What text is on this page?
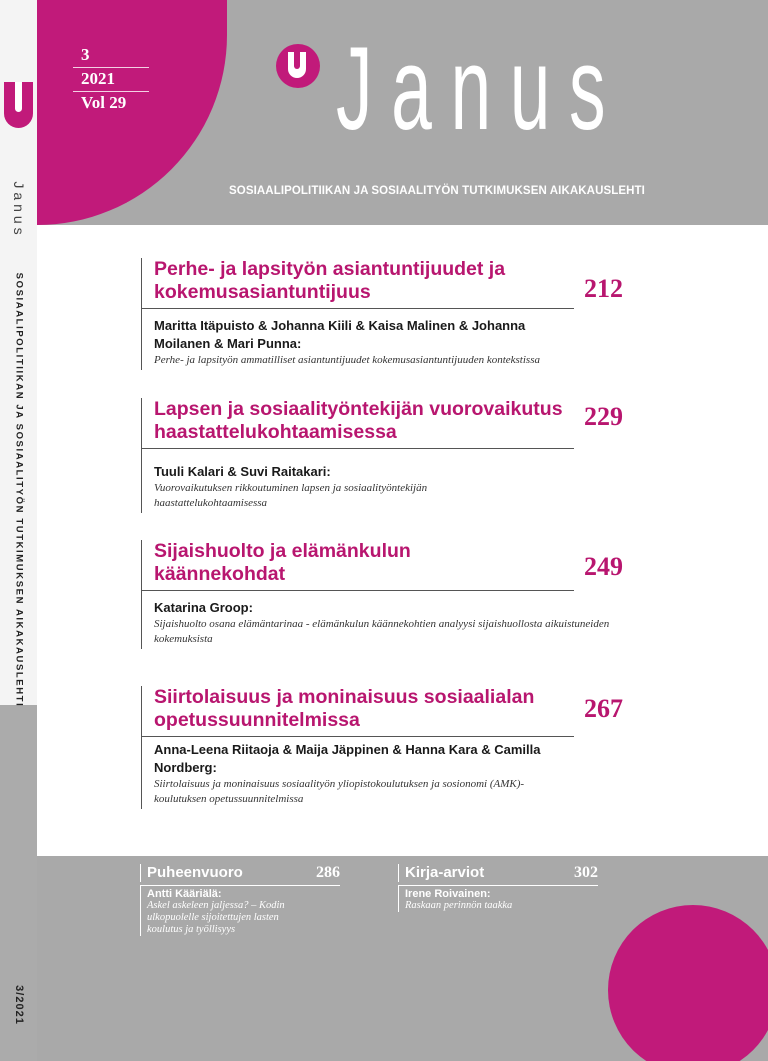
Janus
SOSIAALIPOLITIIKAN JA SOSIAALITYÖN TUTKIMUKSEN AIKAKAUSLEHTI
3/2021
3
2021
Vol 29 Janus
SOSIAALIPOLITIIKAN JA SOSIAALITYÖN TUTKIMUKSEN AIKAKAUSLEHTI
Perhe- ja lapsityön asiantuntijuudet ja kokemusasiantuntijuus	212
Maritta Itäpuisto & Johanna Kiili & Kaisa Malinen & Johanna Moilanen & Mari Punna:
Perhe- ja lapsityön ammatilliset asiantuntijuudet kokemusasiantuntijuuden kontekstissa
Lapsen ja sosiaalityöntekijän vuorovaikutus haastattelukohtaamisessa
229
Tuuli Kalari & Suvi Raitakari:
Vuorovaikutuksen rikkoutuminen lapsen ja sosiaalityöntekijän haastattelukohtaamisessa
Sijaishuolto ja elämänkulun käännekohdat	249
Katarina Groop:
Sijaishuolto osana elämäntarinaa - elämänkulun käännekohtien analyysi sijaishuollosta aikuistuneiden kokemuksista
Siirtolaisuus ja moninaisuus sosiaalialan opetussuunnitelmissa	267
Anna-Leena Riitaoja & Maija Jäppinen & Hanna Kara & Camilla Nordberg:
Siirtolaisuus ja moninaisuus sosiaalityön yliopistokoulutuksen ja sosionomi (AMK)-koulutuksen opetussuunnitelmissa
Puheenvuoro	286
Antti Kääriälä:
Askel askeleen jaljessa? – Kodin ulkopuolelle sijoitettujen lasten koulutus ja työllisyys
Kirja-arviot	302
Irene Roivainen:
Raskaan perinnön taakka
